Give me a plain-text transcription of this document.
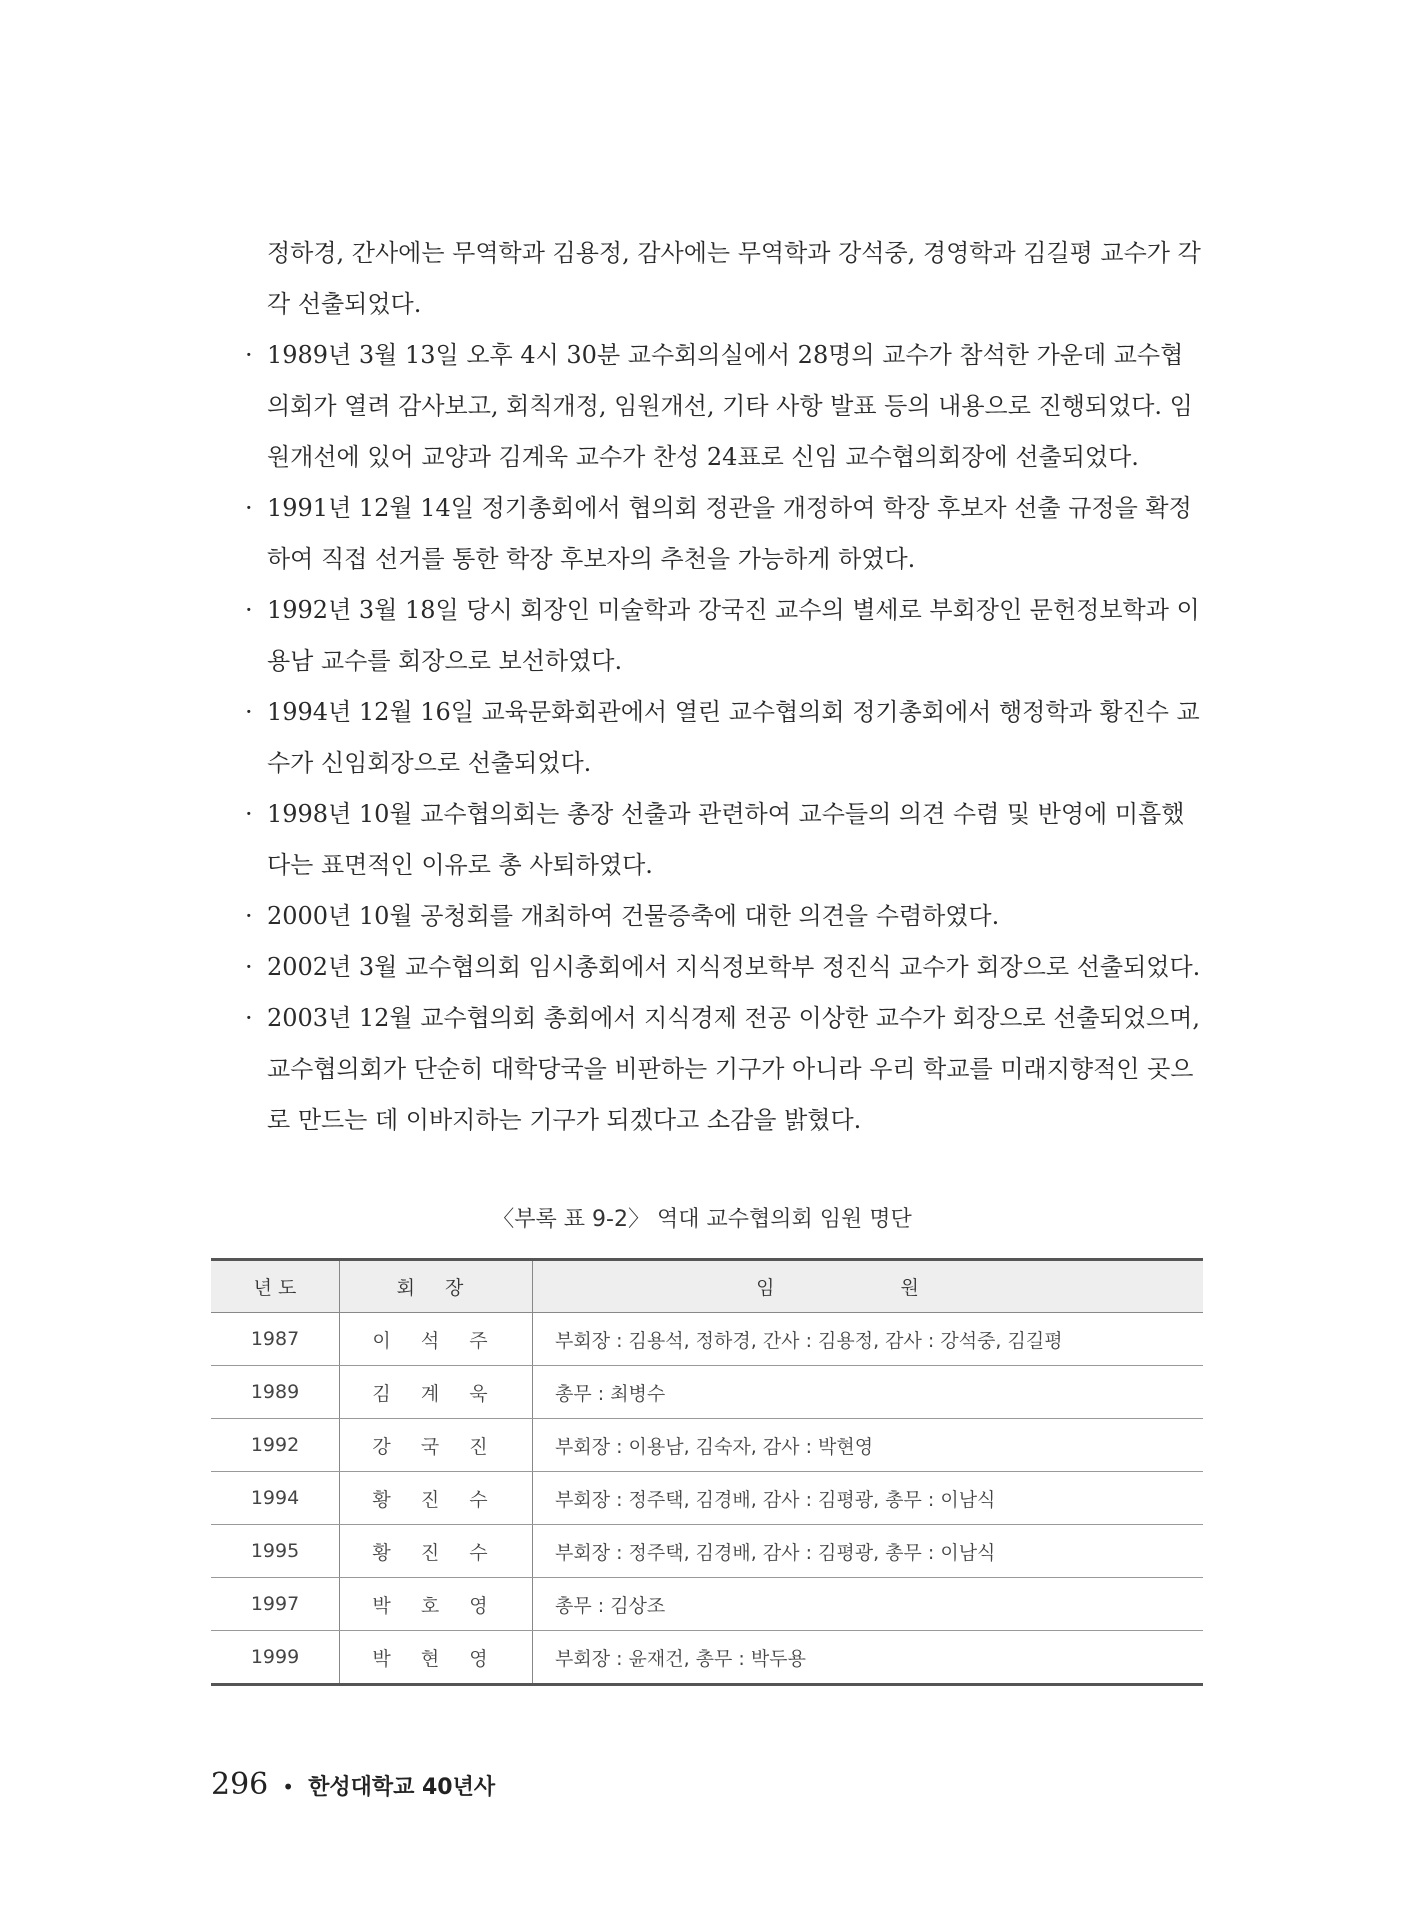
정하경, 간사에는 무역학과 김용정, 감사에는 무역학과 강석중, 경영학과 김길평 교수가 각각 선출되었다.

· 1989년 3월 13일 오후 4시 30분 교수회의실에서 28명의 교수가 참석한 가운데 교수협의회가 열려 감사보고, 회칙개정, 임원개선, 기타 사항 발표 등의 내용으로 진행되었다. 임원개선에 있어 교양과 김계욱 교수가 찬성 24표로 신임 교수협의회장에 선출되었다.

· 1991년 12월 14일 정기총회에서 협의회 정관을 개정하여 학장 후보자 선출 규정을 확정하여 직접 선거를 통한 학장 후보자의 추천을 가능하게 하였다.

· 1992년 3월 18일 당시 회장인 미술학과 강국진 교수의 별세로 부회장인 문헌정보학과 이용남 교수를 회장으로 보선하였다.

· 1994년 12월 16일 교육문화회관에서 열린 교수협의회 정기총회에서 행정학과 황진수 교수가 신임회장으로 선출되었다.

· 1998년 10월 교수협의회는 총장 선출과 관련하여 교수들의 의견 수렴 및 반영에 미흡했다는 표면적인 이유로 총 사퇴하였다.

· 2000년 10월 공청회를 개최하여 건물증축에 대한 의견을 수렴하였다.

· 2002년 3월 교수협의회 임시총회에서 지식정보학부 정진식 교수가 회장으로 선출되었다.

· 2003년 12월 교수협의회 총회에서 지식경제 전공 이상한 교수가 회장으로 선출되었으며, 교수협의회가 단순히 대학당국을 비판하는 기구가 아니라 우리 학교를 미래지향적인 곳으로 만드는 데 이바지하는 기구가 되겠다고 소감을 밝혔다.

〈부록 표 9-2〉 역대 교수협의회 임원 명단
년 도	회 장	임 원
1987	이 석 주	부회장 : 김용석, 정하경, 간사 : 김용정, 감사 : 강석중, 김길평
1989	김 계 욱	총무 : 최병수
1992	강 국 진	부회장 : 이용남, 김숙자, 감사 : 박현영
1994	황 진 수	부회장 : 정주택, 김경배, 감사 : 김평광, 총무 : 이남식
1995	황 진 수	부회장 : 정주택, 김경배, 감사 : 김평광, 총무 : 이남식
1997	박 호 영	총무 : 김상조
1999	박 현 영	부회장 : 윤재건, 총무 : 박두용
296 • 한성대학교 40년사
